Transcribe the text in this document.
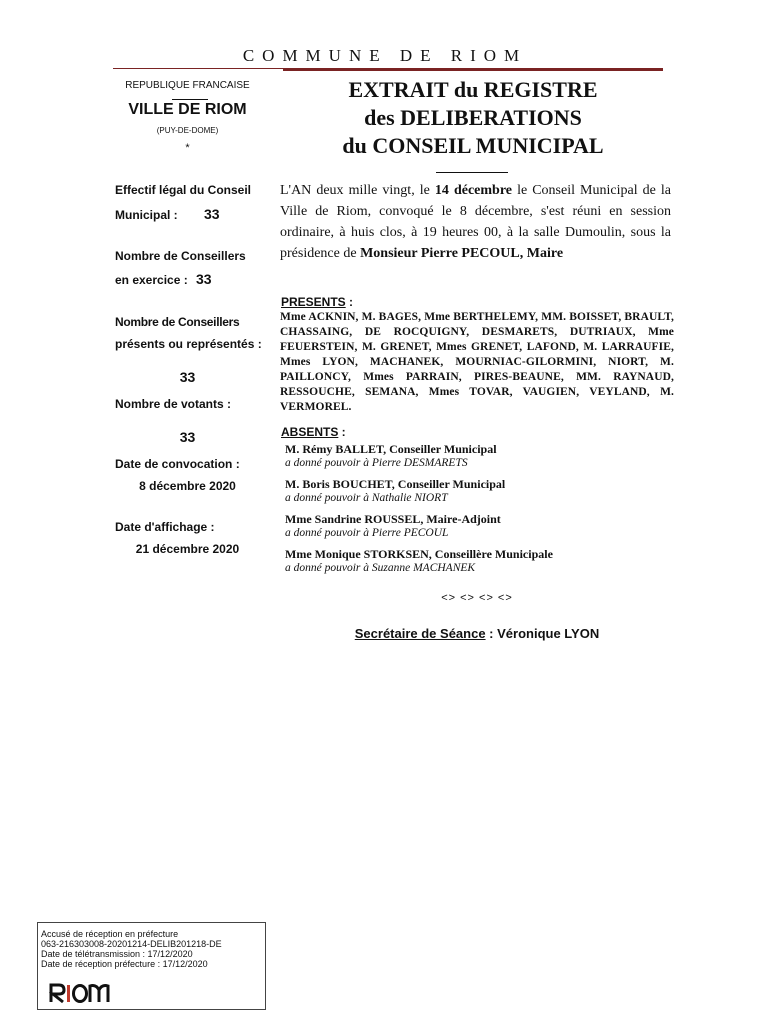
COMMUNE DE RIOM
REPUBLIQUE FRANCAISE
VILLE DE RIOM
(PUY-DE-DOME)
*
EXTRAIT du REGISTRE
des DELIBERATIONS
du CONSEIL MUNICIPAL
Effectif légal du Conseil
Municipal : 33
Nombre de Conseillers
en exercice : 33
Nombre de Conseillers
présents ou représentés :
33
Nombre de votants :
33
Date de convocation :
8 décembre 2020
Date d'affichage :
21 décembre 2020
L'AN deux mille vingt, le 14 décembre le Conseil Municipal de la Ville de Riom, convoqué le 8 décembre, s'est réuni en session ordinaire, à huis clos, à 19 heures 00, à la salle Dumoulin, sous la présidence de Monsieur Pierre PECOUL, Maire
PRESENTS :
Mme ACKNIN, M. BAGES, Mme BERTHELEMY, MM. BOISSET, BRAULT, CHASSAING, DE ROCQUIGNY, DESMARETS, DUTRIAUX, Mme FEUERSTEIN, M. GRENET, Mmes GRENET, LAFOND, M. LARRAUFIE, Mmes LYON, MACHANEK, MOURNIAC-GILORMINI, NIORT, M. PAILLONCY, Mmes PARRAIN, PIRES-BEAUNE, MM. RAYNAUD, RESSOUCHE, SEMANA, Mmes TOVAR, VAUGIEN, VEYLAND, M. VERMOREL.
ABSENTS :
M. Rémy BALLET, Conseiller Municipal
a donné pouvoir à Pierre DESMARETS
M. Boris BOUCHET, Conseiller Municipal
a donné pouvoir à Nathalie NIORT
Mme Sandrine ROUSSEL, Maire-Adjoint
a donné pouvoir à Pierre PECOUL
Mme Monique STORKSEN, Conseillère Municipale
a donné pouvoir à Suzanne MACHANEK
<> <> <> <>
Secrétaire de Séance : Véronique LYON
Accusé de réception en préfecture
063-216303008-20201214-DELIB201218-DE
Date de télétransmission : 17/12/2020
Date de réception préfecture : 17/12/2020
